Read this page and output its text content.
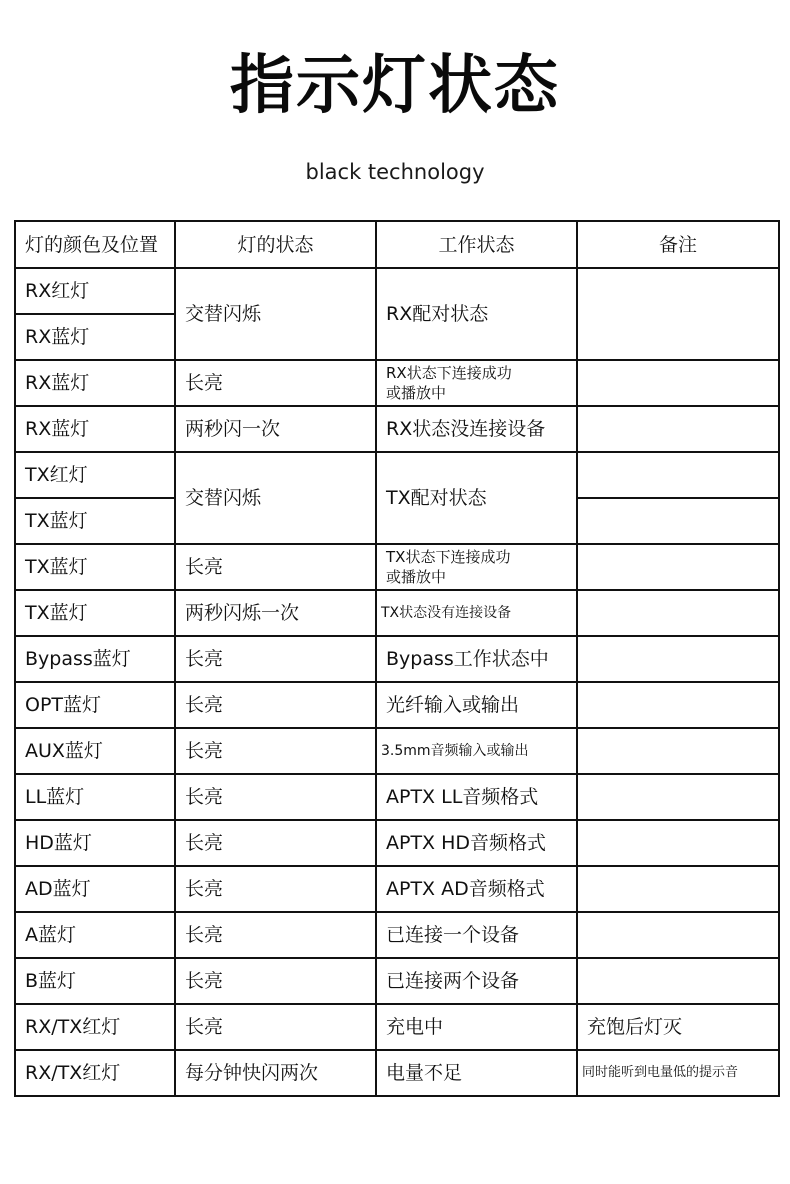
指示灯状态
black technology
灯的颜色及位置	灯的状态	工作状态	备注
RX红灯	交替闪烁	RX配对状态	
RX蓝灯			
RX蓝灯	长亮	RX状态下连接成功
或播放中	

RX蓝灯	两秒闪一次	RX状态没连接设备	
TX红灯	交替闪烁	TX配对状态	
TX蓝灯			
TX蓝灯	长亮	TX状态下连接成功
或播放中	

TX蓝灯	两秒闪烁一次	TX状态没有连接设备	
Bypass蓝灯	长亮	Bypass工作状态中	
OPT蓝灯	长亮	光纤输入或输出	
AUX蓝灯	长亮	3.5mm音频输入或输出	
LL蓝灯	长亮	APTX LL音频格式	
HD蓝灯	长亮	APTX HD音频格式	
AD蓝灯	长亮	APTX AD音频格式	
A蓝灯	长亮	已连接一个设备	
B蓝灯	长亮	已连接两个设备	
RX/TX红灯	长亮	充电中	充饱后灯灭
RX/TX红灯	每分钟快闪两次	电量不足	同时能听到电量低的提示音
